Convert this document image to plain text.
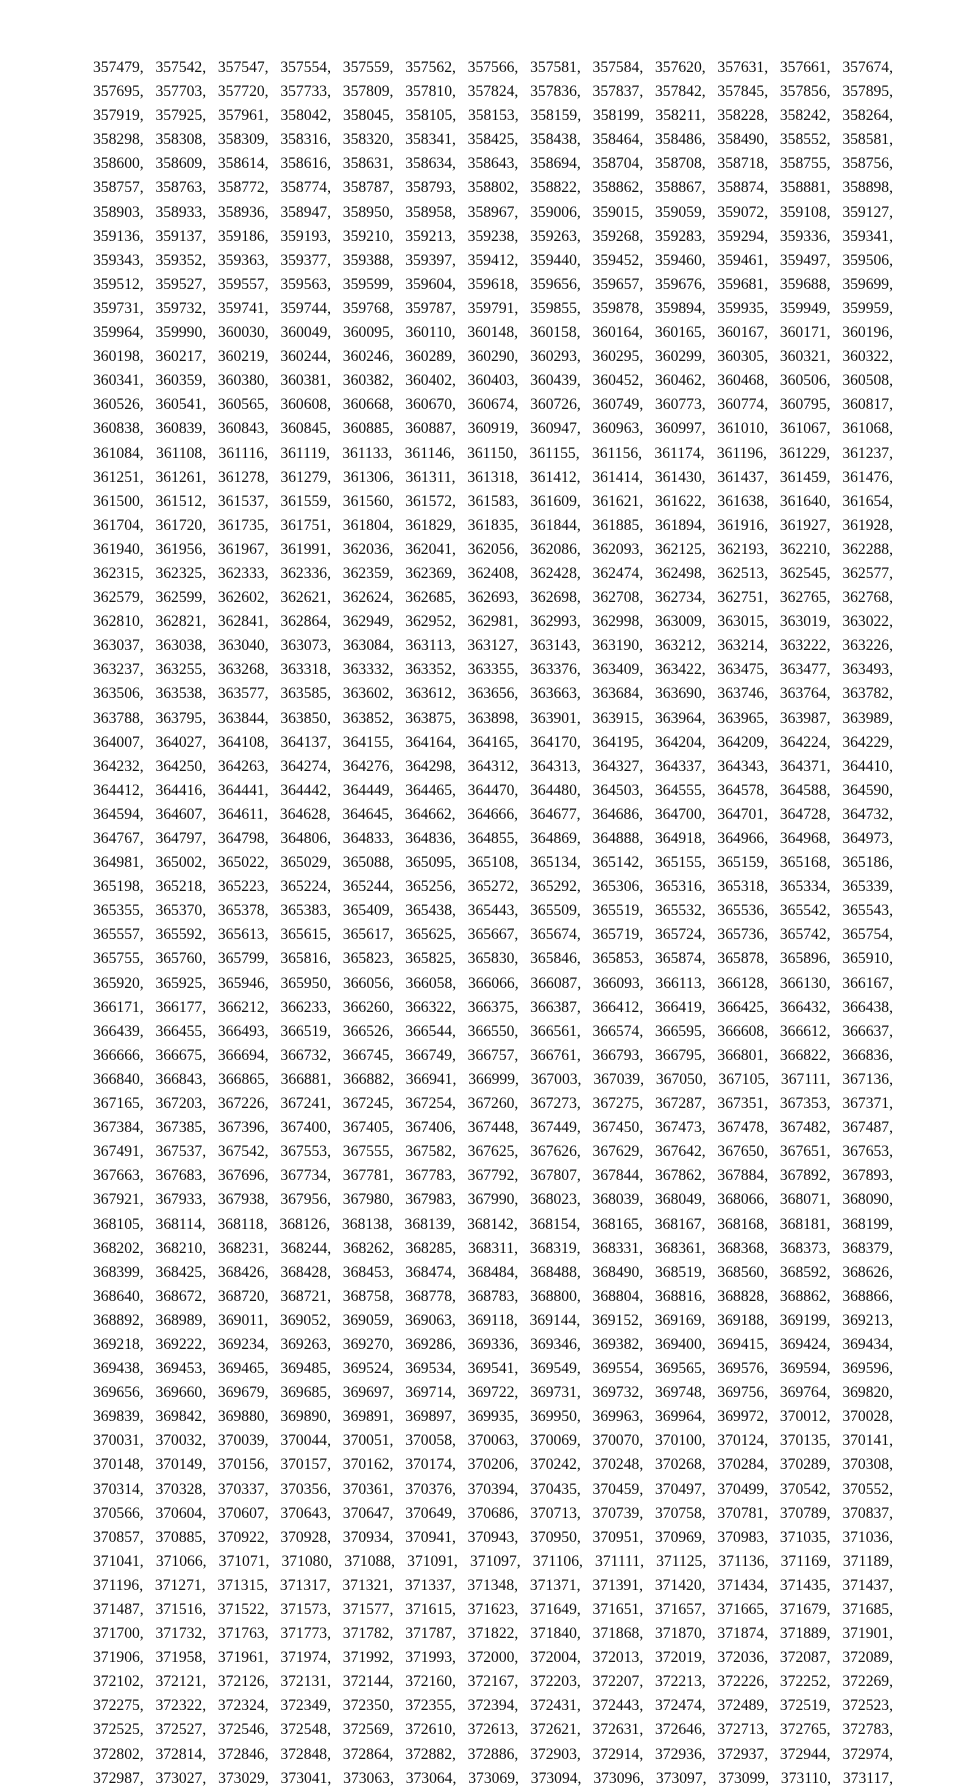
357479, 357542, 357547, 357554, 357559, 357562, 357566, 357581, 357584, 357620, 357631, 357661, 357674,
357695, 357703, 357720, 357733, 357809, 357810, 357824, 357836, 357837, 357842, 357845, 357856, 357895,
357919, 357925, 357961, 358042, 358045, 358105, 358153, 358159, 358199, 358211, 358228, 358242, 358264,
358298, 358308, 358309, 358316, 358320, 358341, 358425, 358438, 358464, 358486, 358490, 358552, 358581,
358600, 358609, 358614, 358616, 358631, 358634, 358643, 358694, 358704, 358708, 358718, 358755, 358756,
358757, 358763, 358772, 358774, 358787, 358793, 358802, 358822, 358862, 358867, 358874, 358881, 358898,
358903, 358933, 358936, 358947, 358950, 358958, 358967, 359006, 359015, 359059, 359072, 359108, 359127,
359136, 359137, 359186, 359193, 359210, 359213, 359238, 359263, 359268, 359283, 359294, 359336, 359341,
359343, 359352, 359363, 359377, 359388, 359397, 359412, 359440, 359452, 359460, 359461, 359497, 359506,
359512, 359527, 359557, 359563, 359599, 359604, 359618, 359656, 359657, 359676, 359681, 359688, 359699,
359731, 359732, 359741, 359744, 359768, 359787, 359791, 359855, 359878, 359894, 359935, 359949, 359959,
359964, 359990, 360030, 360049, 360095, 360110, 360148, 360158, 360164, 360165, 360167, 360171, 360196,
360198, 360217, 360219, 360244, 360246, 360289, 360290, 360293, 360295, 360299, 360305, 360321, 360322,
360341, 360359, 360380, 360381, 360382, 360402, 360403, 360439, 360452, 360462, 360468, 360506, 360508,
360526, 360541, 360565, 360608, 360668, 360670, 360674, 360726, 360749, 360773, 360774, 360795, 360817,
360838, 360839, 360843, 360845, 360885, 360887, 360919, 360947, 360963, 360997, 361010, 361067, 361068,
361084, 361108, 361116, 361119, 361133, 361146, 361150, 361155, 361156, 361174, 361196, 361229, 361237,
361251, 361261, 361278, 361279, 361306, 361311, 361318, 361412, 361414, 361430, 361437, 361459, 361476,
361500, 361512, 361537, 361559, 361560, 361572, 361583, 361609, 361621, 361622, 361638, 361640, 361654,
361704, 361720, 361735, 361751, 361804, 361829, 361835, 361844, 361885, 361894, 361916, 361927, 361928,
361940, 361956, 361967, 361991, 362036, 362041, 362056, 362086, 362093, 362125, 362193, 362210, 362288,
362315, 362325, 362333, 362336, 362359, 362369, 362408, 362428, 362474, 362498, 362513, 362545, 362577,
362579, 362599, 362602, 362621, 362624, 362685, 362693, 362698, 362708, 362734, 362751, 362765, 362768,
362810, 362821, 362841, 362864, 362949, 362952, 362981, 362993, 362998, 363009, 363015, 363019, 363022,
363037, 363038, 363040, 363073, 363084, 363113, 363127, 363143, 363190, 363212, 363214, 363222, 363226,
363237, 363255, 363268, 363318, 363332, 363352, 363355, 363376, 363409, 363422, 363475, 363477, 363493,
363506, 363538, 363577, 363585, 363602, 363612, 363656, 363663, 363684, 363690, 363746, 363764, 363782,
363788, 363795, 363844, 363850, 363852, 363875, 363898, 363901, 363915, 363964, 363965, 363987, 363989,
364007, 364027, 364108, 364137, 364155, 364164, 364165, 364170, 364195, 364204, 364209, 364224, 364229,
364232, 364250, 364263, 364274, 364276, 364298, 364312, 364313, 364327, 364337, 364343, 364371, 364410,
364412, 364416, 364441, 364442, 364449, 364465, 364470, 364480, 364503, 364555, 364578, 364588, 364590,
364594, 364607, 364611, 364628, 364645, 364662, 364666, 364677, 364686, 364700, 364701, 364728, 364732,
364767, 364797, 364798, 364806, 364833, 364836, 364855, 364869, 364888, 364918, 364966, 364968, 364973,
364981, 365002, 365022, 365029, 365088, 365095, 365108, 365134, 365142, 365155, 365159, 365168, 365186,
365198, 365218, 365223, 365224, 365244, 365256, 365272, 365292, 365306, 365316, 365318, 365334, 365339,
365355, 365370, 365378, 365383, 365409, 365438, 365443, 365509, 365519, 365532, 365536, 365542, 365543,
365557, 365592, 365613, 365615, 365617, 365625, 365667, 365674, 365719, 365724, 365736, 365742, 365754,
365755, 365760, 365799, 365816, 365823, 365825, 365830, 365846, 365853, 365874, 365878, 365896, 365910,
365920, 365925, 365946, 365950, 366056, 366058, 366066, 366087, 366093, 366113, 366128, 366130, 366167,
366171, 366177, 366212, 366233, 366260, 366322, 366375, 366387, 366412, 366419, 366425, 366432, 366438,
366439, 366455, 366493, 366519, 366526, 366544, 366550, 366561, 366574, 366595, 366608, 366612, 366637,
366666, 366675, 366694, 366732, 366745, 366749, 366757, 366761, 366793, 366795, 366801, 366822, 366836,
366840, 366843, 366865, 366881, 366882, 366941, 366999, 367003, 367039, 367050, 367105, 367111, 367136,
367165, 367203, 367226, 367241, 367245, 367254, 367260, 367273, 367275, 367287, 367351, 367353, 367371,
367384, 367385, 367396, 367400, 367405, 367406, 367448, 367449, 367450, 367473, 367478, 367482, 367487,
367491, 367537, 367542, 367553, 367555, 367582, 367625, 367626, 367629, 367642, 367650, 367651, 367653,
367663, 367683, 367696, 367734, 367781, 367783, 367792, 367807, 367844, 367862, 367884, 367892, 367893,
367921, 367933, 367938, 367956, 367980, 367983, 367990, 368023, 368039, 368049, 368066, 368071, 368090,
368105, 368114, 368118, 368126, 368138, 368139, 368142, 368154, 368165, 368167, 368168, 368181, 368199,
368202, 368210, 368231, 368244, 368262, 368285, 368311, 368319, 368331, 368361, 368368, 368373, 368379,
368399, 368425, 368426, 368428, 368453, 368474, 368484, 368488, 368490, 368519, 368560, 368592, 368626,
368640, 368672, 368720, 368721, 368758, 368778, 368783, 368800, 368804, 368816, 368828, 368862, 368866,
368892, 368989, 369011, 369052, 369059, 369063, 369118, 369144, 369152, 369169, 369188, 369199, 369213,
369218, 369222, 369234, 369263, 369270, 369286, 369336, 369346, 369382, 369400, 369415, 369424, 369434,
369438, 369453, 369465, 369485, 369524, 369534, 369541, 369549, 369554, 369565, 369576, 369594, 369596,
369656, 369660, 369679, 369685, 369697, 369714, 369722, 369731, 369732, 369748, 369756, 369764, 369820,
369839, 369842, 369880, 369890, 369891, 369897, 369935, 369950, 369963, 369964, 369972, 370012, 370028,
370031, 370032, 370039, 370044, 370051, 370058, 370063, 370069, 370070, 370100, 370124, 370135, 370141,
370148, 370149, 370156, 370157, 370162, 370174, 370206, 370242, 370248, 370268, 370284, 370289, 370308,
370314, 370328, 370337, 370356, 370361, 370376, 370394, 370435, 370459, 370497, 370499, 370542, 370552,
370566, 370604, 370607, 370643, 370647, 370649, 370686, 370713, 370739, 370758, 370781, 370789, 370837,
370857, 370885, 370922, 370928, 370934, 370941, 370943, 370950, 370951, 370969, 370983, 371035, 371036,
371041, 371066, 371071, 371080, 371088, 371091, 371097, 371106, 371111, 371125, 371136, 371169, 371189,
371196, 371271, 371315, 371317, 371321, 371337, 371348, 371371, 371391, 371420, 371434, 371435, 371437,
371487, 371516, 371522, 371573, 371577, 371615, 371623, 371649, 371651, 371657, 371665, 371679, 371685,
371700, 371732, 371763, 371773, 371782, 371787, 371822, 371840, 371868, 371870, 371874, 371889, 371901,
371906, 371958, 371961, 371974, 371992, 371993, 372000, 372004, 372013, 372019, 372036, 372087, 372089,
372102, 372121, 372126, 372131, 372144, 372160, 372167, 372203, 372207, 372213, 372226, 372252, 372269,
372275, 372322, 372324, 372349, 372350, 372355, 372394, 372431, 372443, 372474, 372489, 372519, 372523,
372525, 372527, 372546, 372548, 372569, 372610, 372613, 372621, 372631, 372646, 372713, 372765, 372783,
372802, 372814, 372846, 372848, 372864, 372882, 372886, 372903, 372914, 372936, 372937, 372944, 372974,
372987, 373027, 373029, 373041, 373063, 373064, 373069, 373094, 373096, 373097, 373099, 373110, 373117,
